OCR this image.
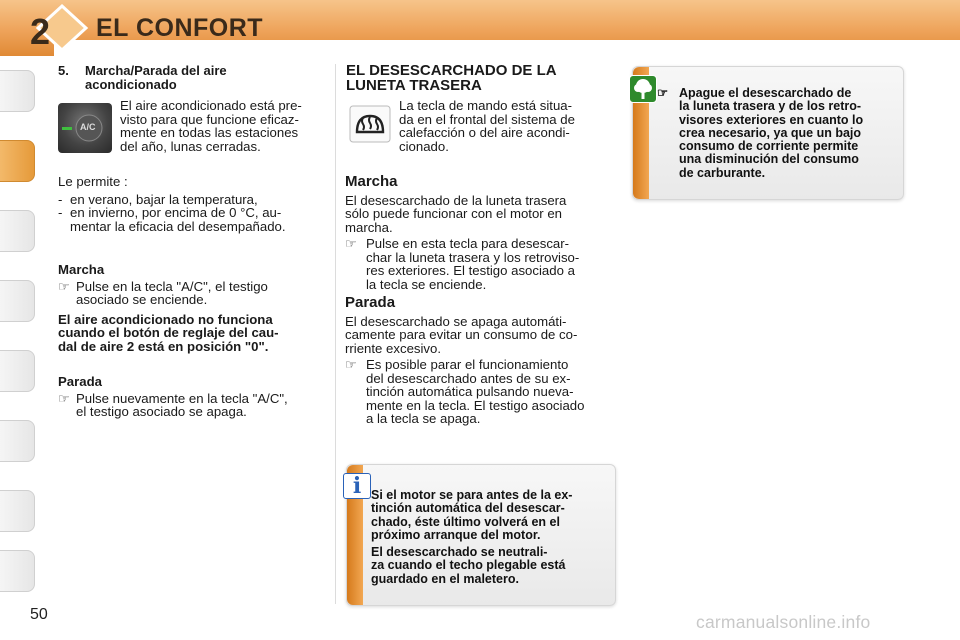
2	EL CONFORT
5. Marcha/Parada del aire
acondicionado
A/C
El aire acondicionado está pre-
visto para que funcione eficaz-
mente en todas las estaciones
del año, lunas cerradas.
Le permite :
- en verano, bajar la temperatura,
- en invierno, por encima de 0 °C, au-
mentar la eficacia del desempañado.
Marcha
☞ Pulse en la tecla "A/C", el testigo
asociado se enciende.
El aire acondicionado no funciona
cuando el botón de reglaje del cau-
dal de aire 2 está en posición "0".
Parada
☞ Pulse nuevamente en la tecla "A/C",
el testigo asociado se apaga.
EL DESESCARCHADO DE LA
LUNETA TRASERA
La tecla de mando está situa-
da en el frontal del sistema de
calefacción o del aire acondi-
cionado.
Marcha
El desescarchado de la luneta trasera
sólo puede funcionar con el motor en
marcha.
☞ Pulse en esta tecla para desescar-
char la luneta trasera y los retroviso-
res exteriores. El testigo asociado a
la tecla se enciende.
Parada
El desescarchado se apaga automáti-
camente para evitar un consumo de co-
rriente excesivo.
☞ Es posible parar el funcionamiento
del desescarchado antes de su ex-
tinción automática pulsando nueva-
mente en la tecla. El testigo asociado
a la tecla se apaga.
i Si el motor se para antes de la ex-
tinción automática del desescar-
chado, éste último volverá en el
próximo arranque del motor.
El desescarchado se neutrali-
za cuando el techo plegable está
guardado en el maletero.
☞ Apague el desescarchado de
la luneta trasera y de los retro-
visores exteriores en cuanto lo
crea necesario, ya que un bajo
consumo de corriente permite
una disminución del consumo
de carburante.
50	carmanualsonline.info
